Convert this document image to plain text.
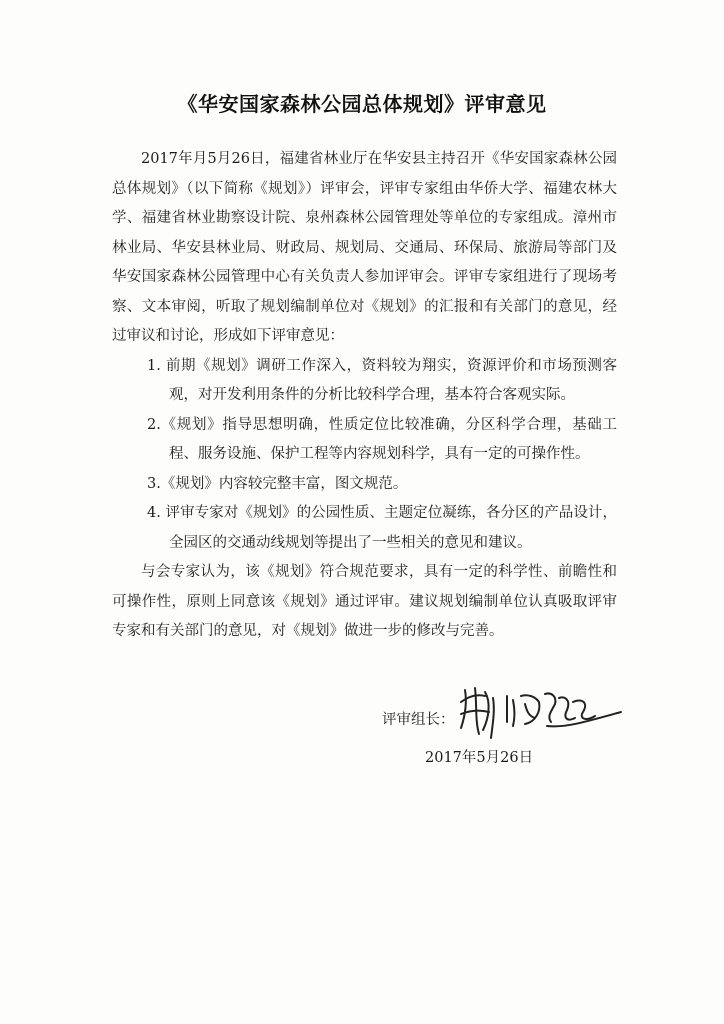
《华安国家森林公园总体规划》评审意见

2017年月5月26日，福建省林业厅在华安县主持召开《华安国家森林公园总体规划》（以下简称《规划》）评审会，评审专家组由华侨大学、福建农林大学、福建省林业勘察设计院、泉州森林公园管理处等单位的专家组成。漳州市林业局、华安县林业局、财政局、规划局、交通局、环保局、旅游局等部门及华安国家森林公园管理中心有关负责人参加评审会。评审专家组进行了现场考察、文本审阅，听取了规划编制单位对《规划》的汇报和有关部门的意见，经过审议和讨论，形成如下评审意见：

1. 前期《规划》调研工作深入，资料较为翔实，资源评价和市场预测客观，对开发利用条件的分析比较科学合理，基本符合客观实际。
2.《规划》指导思想明确，性质定位比较准确，分区科学合理，基础工程、服务设施、保护工程等内容规划科学，具有一定的可操作性。
3.《规划》内容较完整丰富，图文规范。
4. 评审专家对《规划》的公园性质、主题定位凝练，各分区的产品设计，全园区的交通动线规划等提出了一些相关的意见和建议。

与会专家认为，该《规划》符合规范要求，具有一定的科学性、前瞻性和可操作性，原则上同意该《规划》通过评审。建议规划编制单位认真吸取评审专家和有关部门的意见，对《规划》做进一步的修改与完善。

评审组长：
2017年5月26日
